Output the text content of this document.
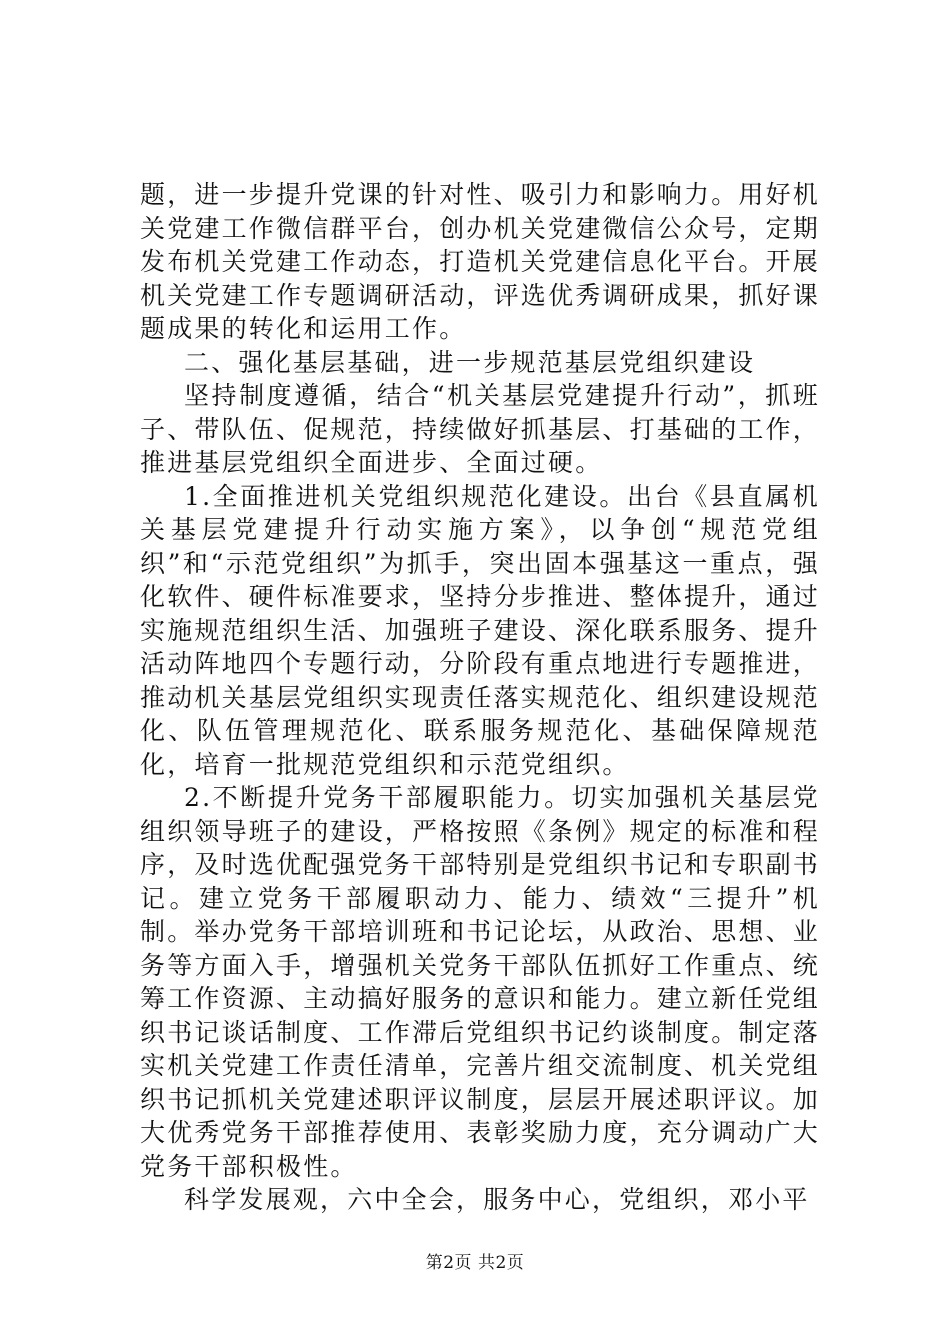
题，进一步提升党课的针对性、吸引力和影响力。用好机关党建工作微信群平台，创办机关党建微信公众号，定期发布机关党建工作动态，打造机关党建信息化平台。开展机关党建工作专题调研活动，评选优秀调研成果，抓好课题成果的转化和运用工作。

二、强化基层基础，进一步规范基层党组织建设

坚持制度遵循，结合“机关基层党建提升行动”，抓班子、带队伍、促规范，持续做好抓基层、打基础的工作，推进基层党组织全面进步、全面过硬。

1.全面推进机关党组织规范化建设。出台《县直属机关基层党建提升行动实施方案》，以争创“规范党组织”和“示范党组织”为抓手，突出固本强基这一重点，强化软件、硬件标准要求，坚持分步推进、整体提升，通过实施规范组织生活、加强班子建设、深化联系服务、提升活动阵地四个专题行动，分阶段有重点地进行专题推进，推动机关基层党组织实现责任落实规范化、组织建设规范化、队伍管理规范化、联系服务规范化、基础保障规范化，培育一批规范党组织和示范党组织。

2.不断提升党务干部履职能力。切实加强机关基层党组织领导班子的建设，严格按照《条例》规定的标准和程序，及时选优配强党务干部特别是党组织书记和专职副书记。建立党务干部履职动力、能力、绩效“三提升”机制。举办党务干部培训班和书记论坛，从政治、思想、业务等方面入手，增强机关党务干部队伍抓好工作重点、统筹工作资源、主动搞好服务的意识和能力。建立新任党组织书记谈话制度、工作滞后党组织书记约谈制度。制定落实机关党建工作责任清单，完善片组交流制度、机关党组织书记抓机关党建述职评议制度，层层开展述职评议。加大优秀党务干部推荐使用、表彰奖励力度，充分调动广大党务干部积极性。

科学发展观，六中全会，服务中心，党组织，邓小平

第2页 共2页
